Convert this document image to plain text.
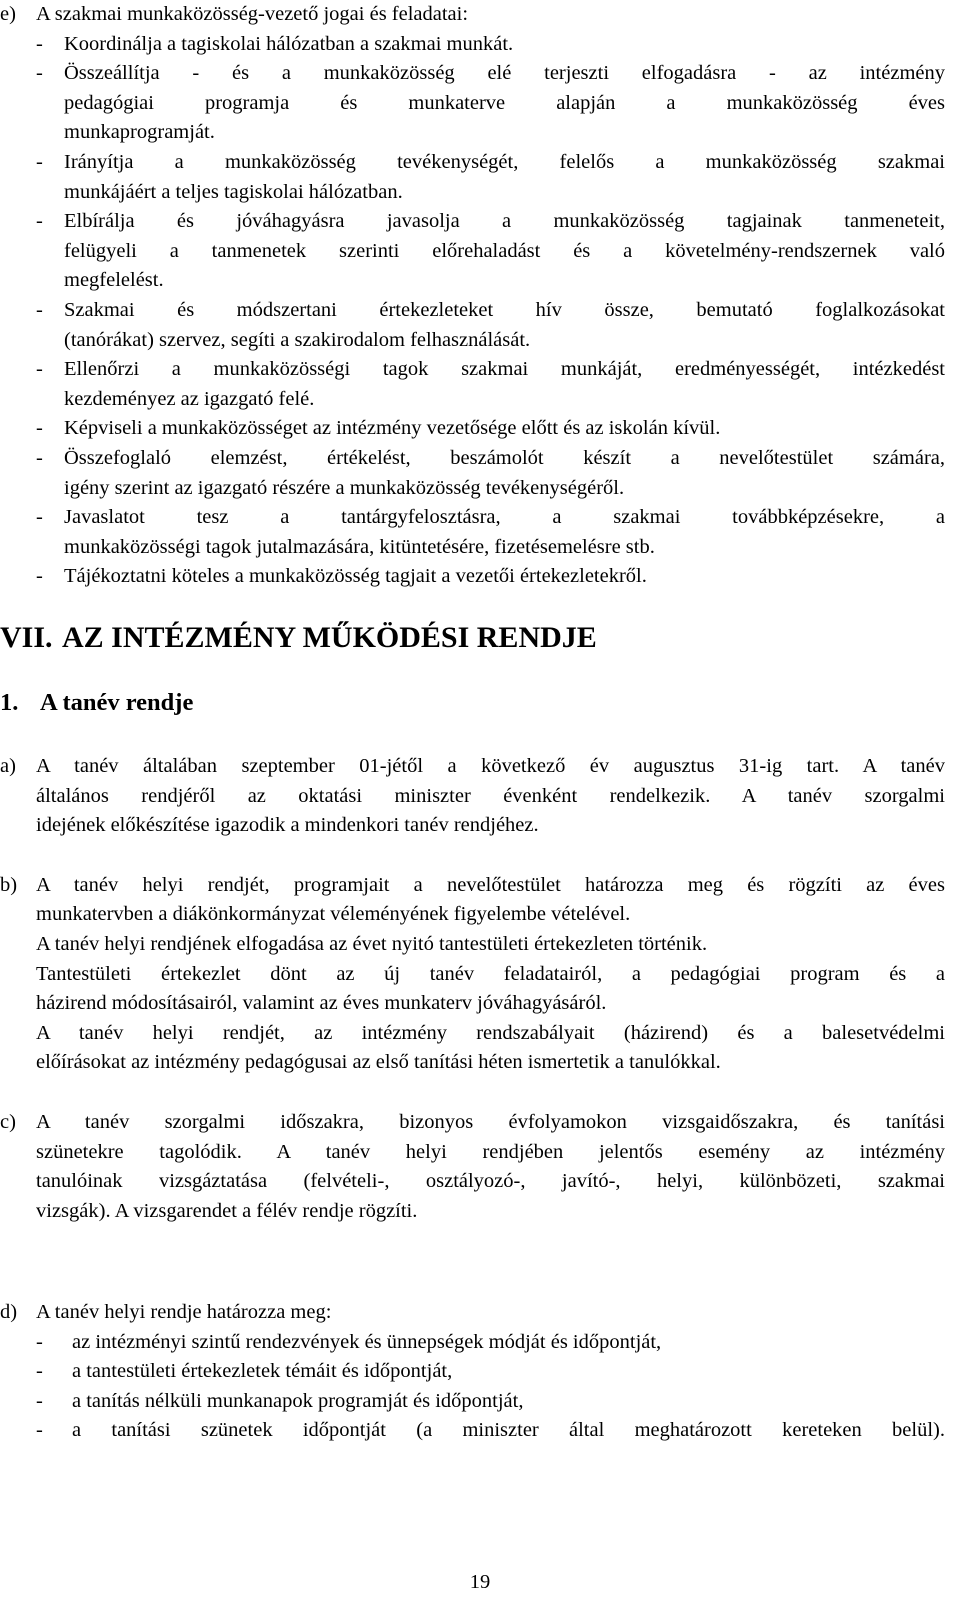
e) A szakmai munkaközösség-vezető jogai és feladatai:
-	Koordinálja a tagiskolai hálózatban a szakmai munkát.
-	Összeállítja - és a munkaközösség elé terjeszti elfogadásra - az intézmény
pedagógiai programja és munkaterve alapján a munkaközösség éves
munkaprogramját.
-	Irányítja a munkaközösség tevékenységét, felelős a munkaközösség szakmai
munkájáért a teljes tagiskolai hálózatban.
-	Elbírálja és jóváhagyásra javasolja a munkaközösség tagjainak tanmeneteit,
felügyeli a tanmenetek szerinti előrehaladást és a követelmény-rendszernek való
megfelelést.
-	Szakmai és módszertani értekezleteket hív össze, bemutató foglalkozásokat
(tanórákat) szervez, segíti a szakirodalom felhasználását.
-	Ellenőrzi a munkaközösségi tagok szakmai munkáját, eredményességét, intézkedést
kezdeményez az igazgató felé.
-	Képviseli a munkaközösséget az intézmény vezetősége előtt és az iskolán kívül.
-	Összefoglaló elemzést, értékelést, beszámolót készít a nevelőtestület számára,
igény szerint az igazgató részére a munkaközösség tevékenységéről.
-	Javaslatot tesz a tantárgyfelosztásra, a szakmai továbbképzésekre, a
munkaközösségi tagok jutalmazására, kitüntetésére, fizetésemelésre stb.
-	Tájékoztatni köteles a munkaközösség tagjait a vezetői értekezletekről.
VII. AZ INTÉZMÉNY MŰKÖDÉSI RENDJE
1. A tanév rendje
a) A tanév általában szeptember 01-jétől a következő év augusztus 31-ig tart. A tanév
általános rendjéről az oktatási miniszter évenként rendelkezik. A tanév szorgalmi
idejének előkészítése igazodik a mindenkori tanév rendjéhez.
b) A tanév helyi rendjét, programjait a nevelőtestület határozza meg és rögzíti az éves
munkatervben a diákönkormányzat véleményének figyelembe vételével.
A tanév helyi rendjének elfogadása az évet nyitó tantestületi értekezleten történik.
Tantestületi értekezlet dönt az új tanév feladatairól, a pedagógiai program és a
házirend módosításairól, valamint az éves munkaterv jóváhagyásáról.
A tanév helyi rendjét, az intézmény rendszabályait (házirend) és a balesetvédelmi
előírásokat az intézmény pedagógusai az első tanítási héten ismertetik a tanulókkal.
c) A tanév szorgalmi időszakra, bizonyos évfolyamokon vizsgaidőszakra, és tanítási
szünetekre tagolódik. A tanév helyi rendjében jelentős esemény az intézmény
tanulóinak vizsgáztatása (felvételi-, osztályozó-, javító-, helyi, különbözeti, szakmai
vizsgák). A vizsgarendet a félév rendje rögzíti.
d) A tanév helyi rendje határozza meg:
-	az intézményi szintű rendezvények és ünnepségek módját és időpontját,
-	a tantestületi értekezletek témáit és időpontját,
-	a tanítás nélküli munkanapok programját és időpontját,
-	a tanítási szünetek időpontját (a miniszter által meghatározott kereteken belül).
19
